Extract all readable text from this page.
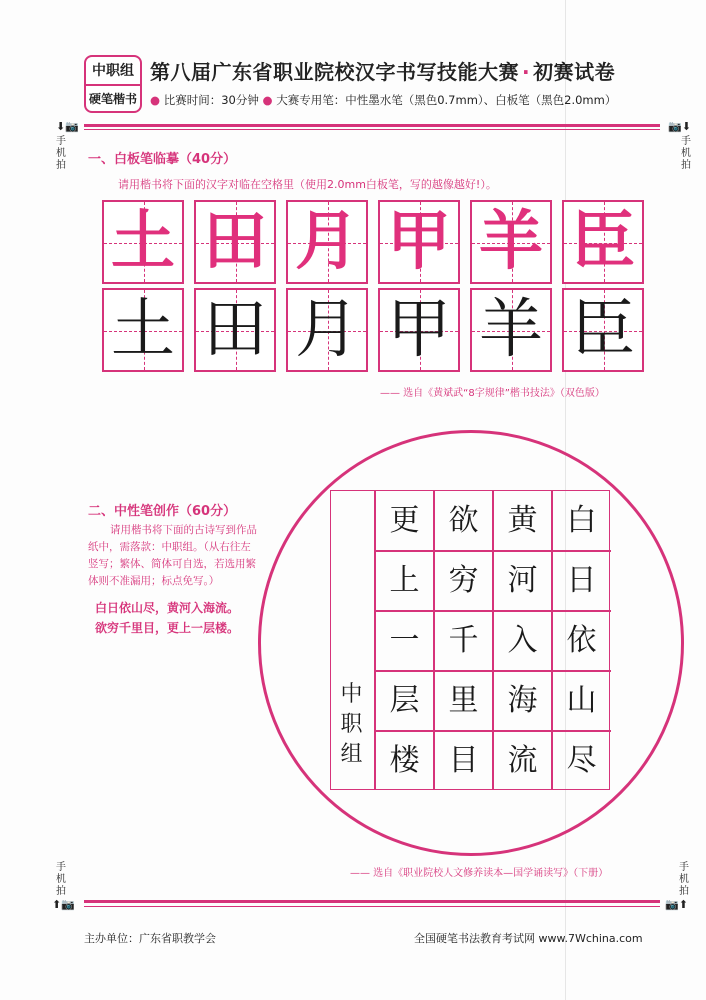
中职组
硬笔楷书
第八届广东省职业院校汉字书写技能大赛 · 初赛试卷
● 比赛时间：30分钟 ● 大赛专用笔：中性墨水笔（黑色0.7mm）、白板笔（黑色2.0mm）
⬇📷
手
机
拍
📷⬇
手
机
拍
一、白板笔临摹（40分）
请用楷书将下面的汉字对临在空格里（使用2.0mm白板笔，写的越像越好!）。
土 田 月 甲 羊 臣
土 田 月 甲 羊 臣
—— 选自《黄斌武“8字规律”楷书技法》（双色版）
二、中性笔创作（60分）
请用楷书将下面的古诗写到作品纸中，需落款：中职组。（从右往左竖写；繁体、简体可自选，若选用繁体则不准漏用；标点免写。）
白日依山尽，黄河入海流。
欲穷千里目，更上一层楼。
白
日
依
山
尽
黄
河
入
海
流
欲
穷
千
里
目
更
上
一
层
楼
中
职
组
—— 选自《职业院校人文修养读本—国学诵读写》（下册）
手
机
拍
⬆📷
手
机
拍
📷⬆
主办单位：广东省职教学会	全国硬笔书法教育考试网 www.7Wchina.com
